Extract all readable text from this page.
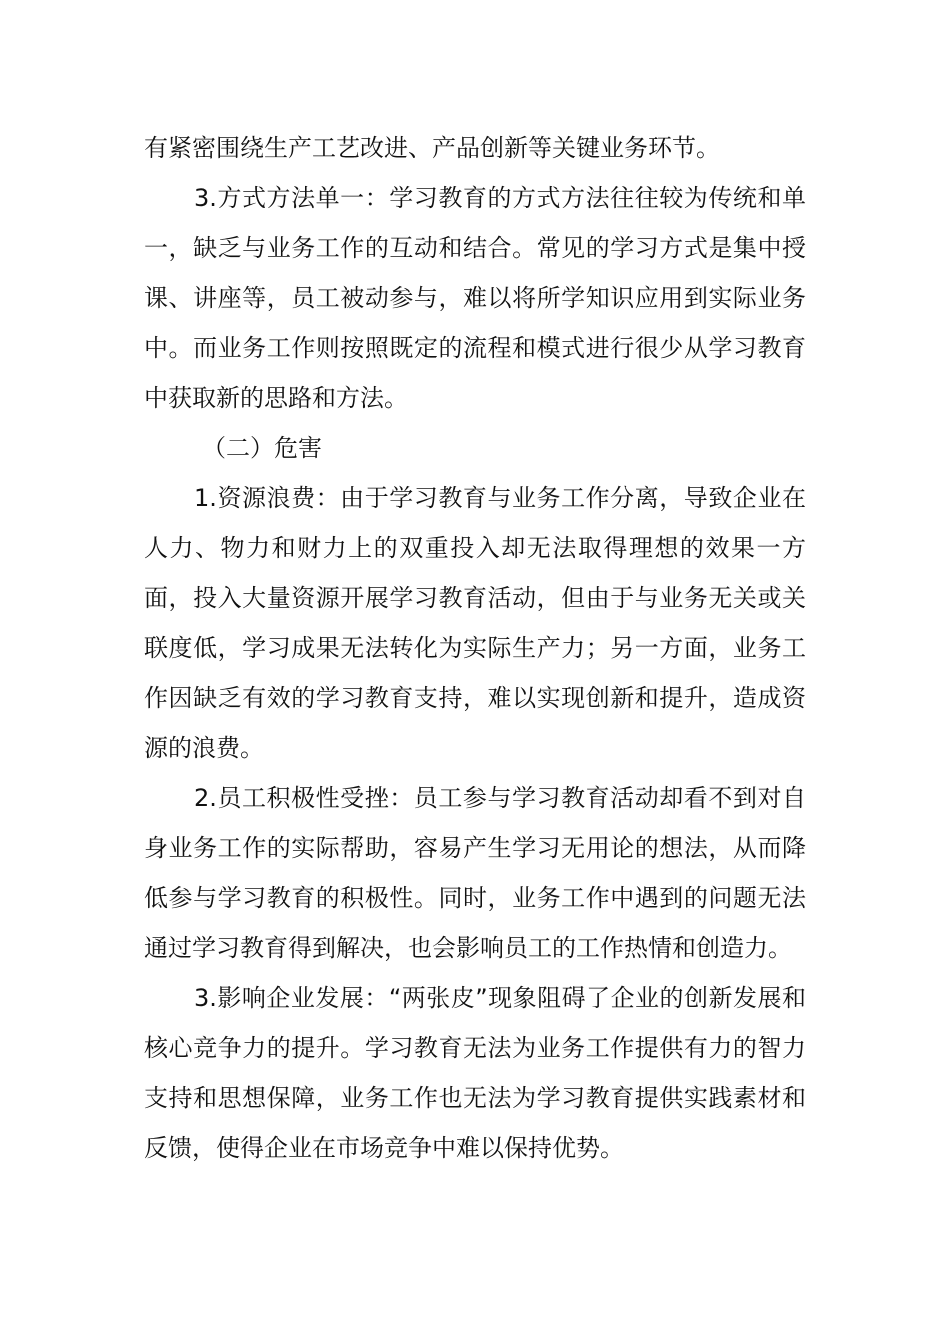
有紧密围绕生产工艺改进、产品创新等关键业务环节。

3.方式方法单一：学习教育的方式方法往往较为传统和单一，缺乏与业务工作的互动和结合。常见的学习方式是集中授课、讲座等，员工被动参与，难以将所学知识应用到实际业务中。而业务工作则按照既定的流程和模式进行很少从学习教育中获取新的思路和方法。

（二）危害

1.资源浪费：由于学习教育与业务工作分离，导致企业在人力、物力和财力上的双重投入却无法取得理想的效果一方面，投入大量资源开展学习教育活动，但由于与业务无关或关联度低，学习成果无法转化为实际生产力；另一方面，业务工作因缺乏有效的学习教育支持，难以实现创新和提升，造成资源的浪费。

2.员工积极性受挫：员工参与学习教育活动却看不到对自身业务工作的实际帮助，容易产生学习无用论的想法，从而降低参与学习教育的积极性。同时，业务工作中遇到的问题无法通过学习教育得到解决，也会影响员工的工作热情和创造力。

3.影响企业发展：“两张皮”现象阻碍了企业的创新发展和核心竞争力的提升。学习教育无法为业务工作提供有力的智力支持和思想保障，业务工作也无法为学习教育提供实践素材和反馈，使得企业在市场竞争中难以保持优势。
